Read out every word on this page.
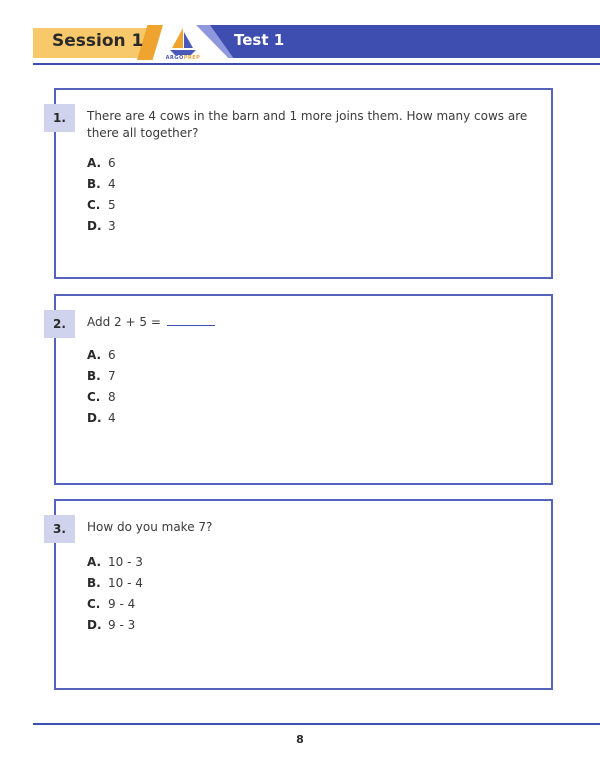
Session 1	Test 1
ARGOPREP
1.	There are 4 cows in the barn and 1 more joins them. How many cows are there all together?
A. 6
B. 4
C. 5
D. 3
2.	Add 2 + 5 =
A. 6
B. 7
C. 8
D. 4
3.	How do you make 7?
A. 10 - 3
B. 10 - 4
C. 9 - 4
D. 9 - 3
8
